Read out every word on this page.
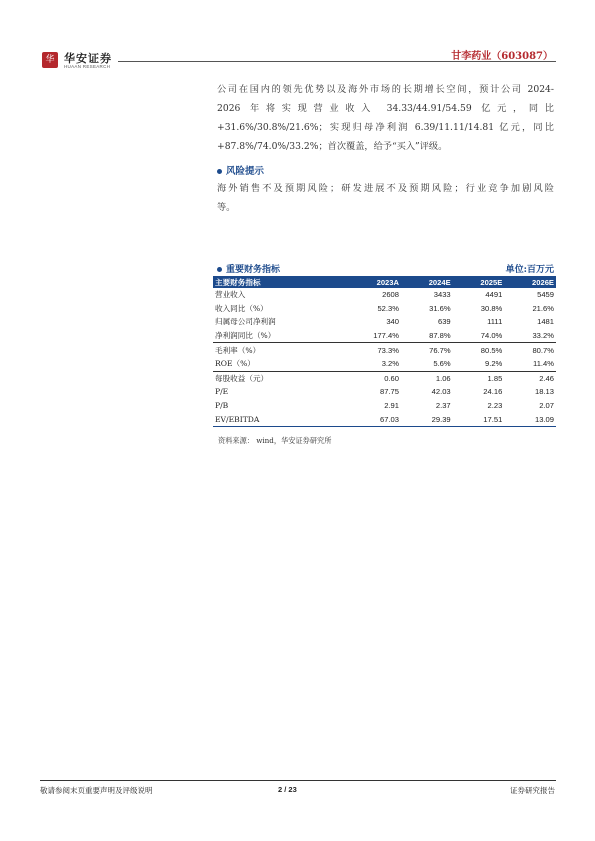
华 华安证券
HUAAN RESEARCH
甘李药业（603087）
公司在国内的领先优势以及海外市场的长期增长空间，预计公司 2024-
2026 年将实现营业收入 34.33/44.91/54.59 亿元，同比
+31.6%/30.8%/21.6%；实现归母净利润 6.39/11.11/14.81 亿元，同比
+87.8%/74.0%/33.2%；首次覆盖，给予“买入”评级。
风险提示
海外销售不及预期风险；研发进展不及预期风险；行业竞争加剧风险
等。
重要财务指标	单位:百万元
主要财务指标	2023A	2024E	2025E	2026E
营业收入	2608	3433	4491	5459
收入同比（%）	52.3%	31.6%	30.8%	21.6%
归属母公司净利润	340	639	1111	1481
净利润同比（%）	177.4%	87.8%	74.0%	33.2%
毛利率（%）	73.3%	76.7%	80.5%	80.7%
ROE（%）	3.2%	5.6%	9.2%	11.4%
每股收益（元）	0.60	1.06	1.85	2.46
P/E	87.75	42.03	24.16	18.13
P/B	2.91	2.37	2.23	2.07
EV/EBITDA	67.03	29.39	17.51	13.09
资料来源： wind，华安证券研究所
敬请参阅末页重要声明及评级说明	2 / 23	证券研究报告
